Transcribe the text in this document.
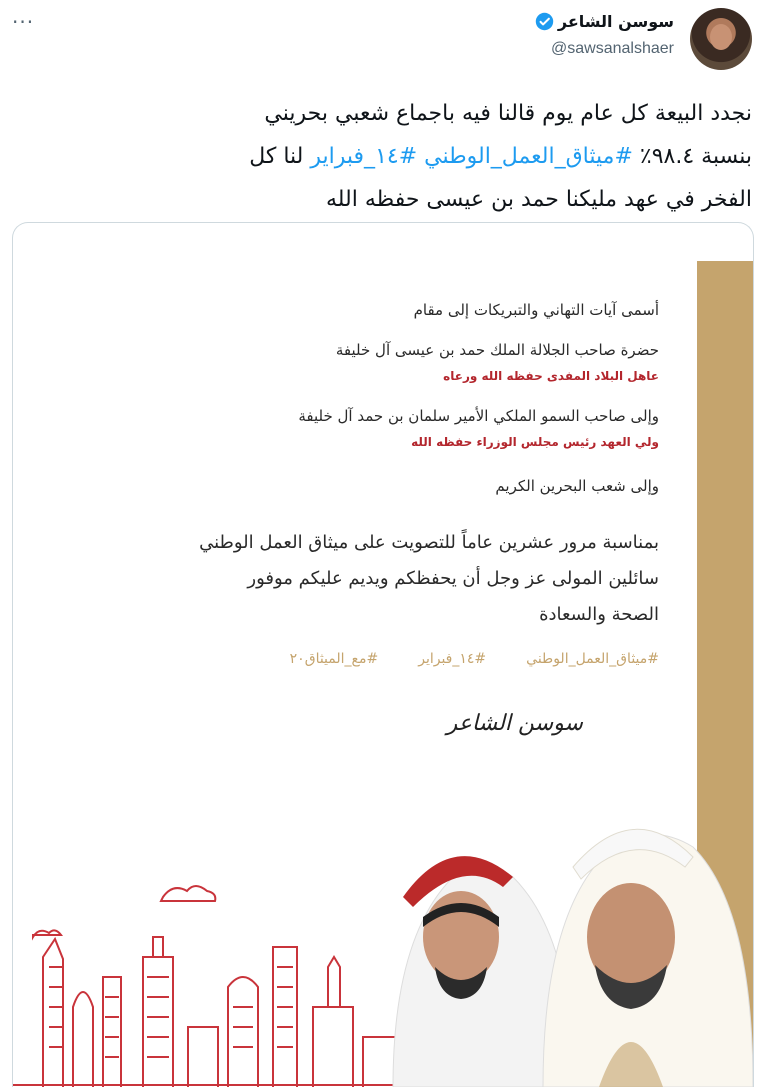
سوسن الشاعر
@sawsanalshaer
···
نجدد البيعة كل عام يوم قالنا فيه باجماع شعبي بحريني
بنسبة ٩٨.٤٪ #ميثاق_العمل_الوطني #١٤_فبراير لنا كل
الفخر في عهد مليكنا حمد بن عيسى حفظه الله
أسمى آيات التهاني والتبريكات إلى مقام
حضرة صاحب الجلالة الملك حمد بن عيسى آل خليفة
عاهل البلاد المفدى حفظه الله ورعاه
وإلى صاحب السمو الملكي الأمير سلمان بن حمد آل خليفة
ولي العهد رئيس مجلس الوزراء حفظه الله
وإلى شعب البحرين الكريم
بمناسبة مرور عشرين عاماً للتصويت على ميثاق العمل الوطني
سائلين المولى عز وجل أن يحفظكم ويديم عليكم موفور
الصحة والسعادة
#ميثاق_العمل_الوطني
#١٤_فبراير
#مع_الميثاق٢٠
سوسن الشاعر
